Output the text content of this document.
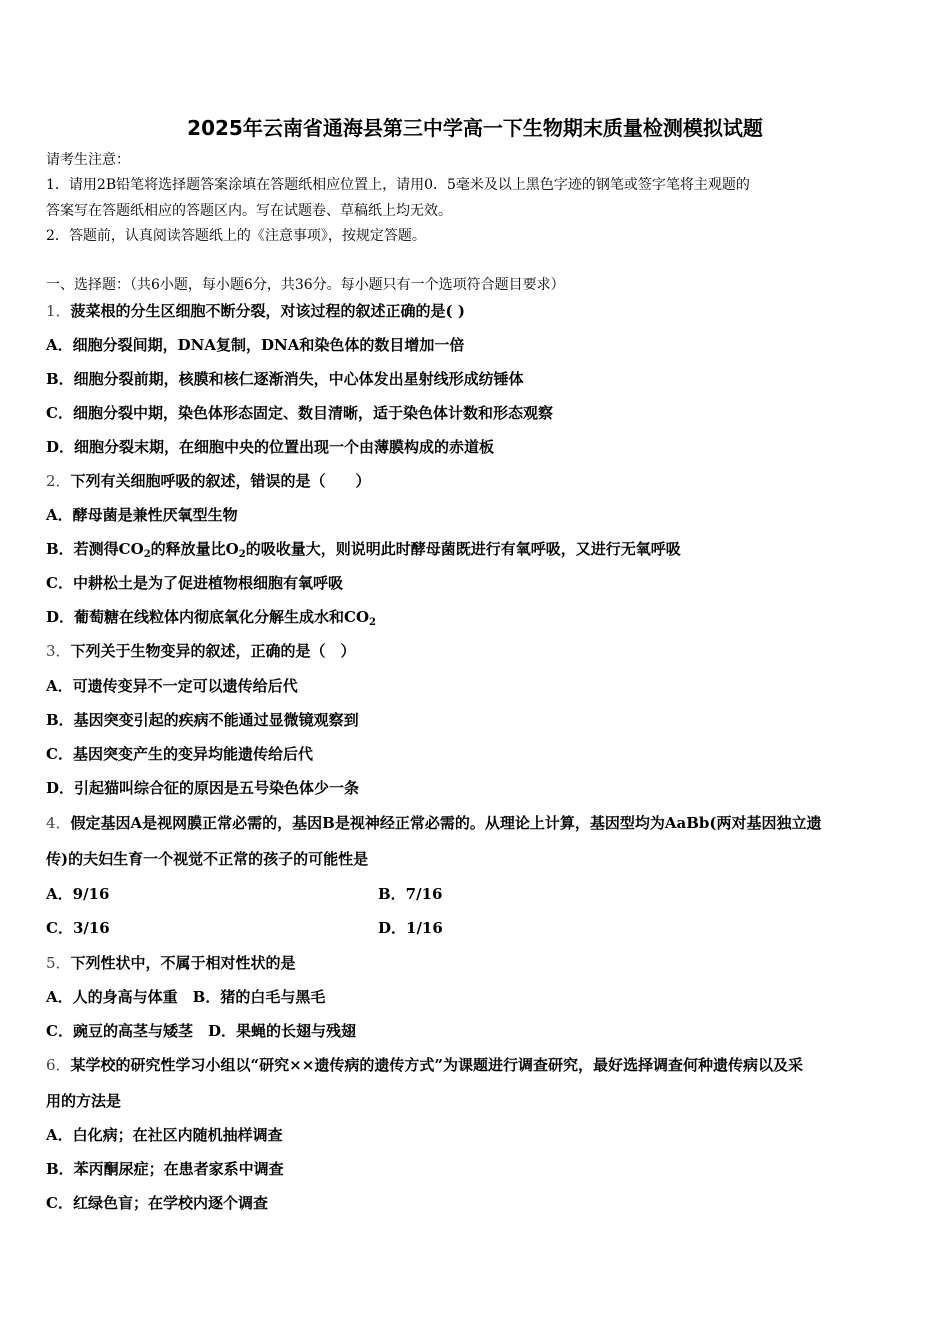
2025年云南省通海县第三中学高一下生物期末质量检测模拟试题
请考生注意：
1．请用2B铅笔将选择题答案涂填在答题纸相应位置上，请用0．5毫米及以上黑色字迹的钢笔或签字笔将主观题的
答案写在答题纸相应的答题区内。写在试题卷、草稿纸上均无效。
2．答题前，认真阅读答题纸上的《注意事项》，按规定答题。
一、选择题：（共6小题，每小题6分，共36分。每小题只有一个选项符合题目要求）
1．菠菜根的分生区细胞不断分裂，对该过程的叙述正确的是( )
A．细胞分裂间期，DNA复制，DNA和染色体的数目增加一倍
B．细胞分裂前期，核膜和核仁逐渐消失，中心体发出星射线形成纺锤体
C．细胞分裂中期，染色体形态固定、数目清晰，适于染色体计数和形态观察
D．细胞分裂末期，在细胞中央的位置出现一个由薄膜构成的赤道板
2．下列有关细胞呼吸的叙述，错误的是（　　）
A．酵母菌是兼性厌氧型生物
B．若测得$CO_2$的释放量比$O_2$的吸收量大，则说明此时酵母菌既进行有氧呼吸，又进行无氧呼吸
C．中耕松土是为了促进植物根细胞有氧呼吸
D．葡萄糖在线粒体内彻底氧化分解生成水和$CO_2$
3．下列关于生物变异的叙述，正确的是（　）
A．可遗传变异不一定可以遗传给后代
B．基因突变引起的疾病不能通过显微镜观察到
C．基因突变产生的变异均能遗传给后代
D．引起猫叫综合征的原因是五号染色体少一条
4．假定基因A是视网膜正常必需的，基因B是视神经正常必需的。从理论上计算，基因型均为AaBb(两对基因独立遗
传)的夫妇生育一个视觉不正常的孩子的可能性是
A．9/16	B．7/16
C．3/16	D．1/16
5．下列性状中，不属于相对性状的是
A．人的身高与体重　B．猪的白毛与黑毛
C．豌豆的高茎与矮茎　D．果蝇的长翅与残翅
6．某学校的研究性学习小组以“研究××遗传病的遗传方式”为课题进行调查研究，最好选择调查何种遗传病以及采
用的方法是
A．白化病；在社区内随机抽样调查
B．苯丙酮尿症；在患者家系中调查
C．红绿色盲；在学校内逐个调查
